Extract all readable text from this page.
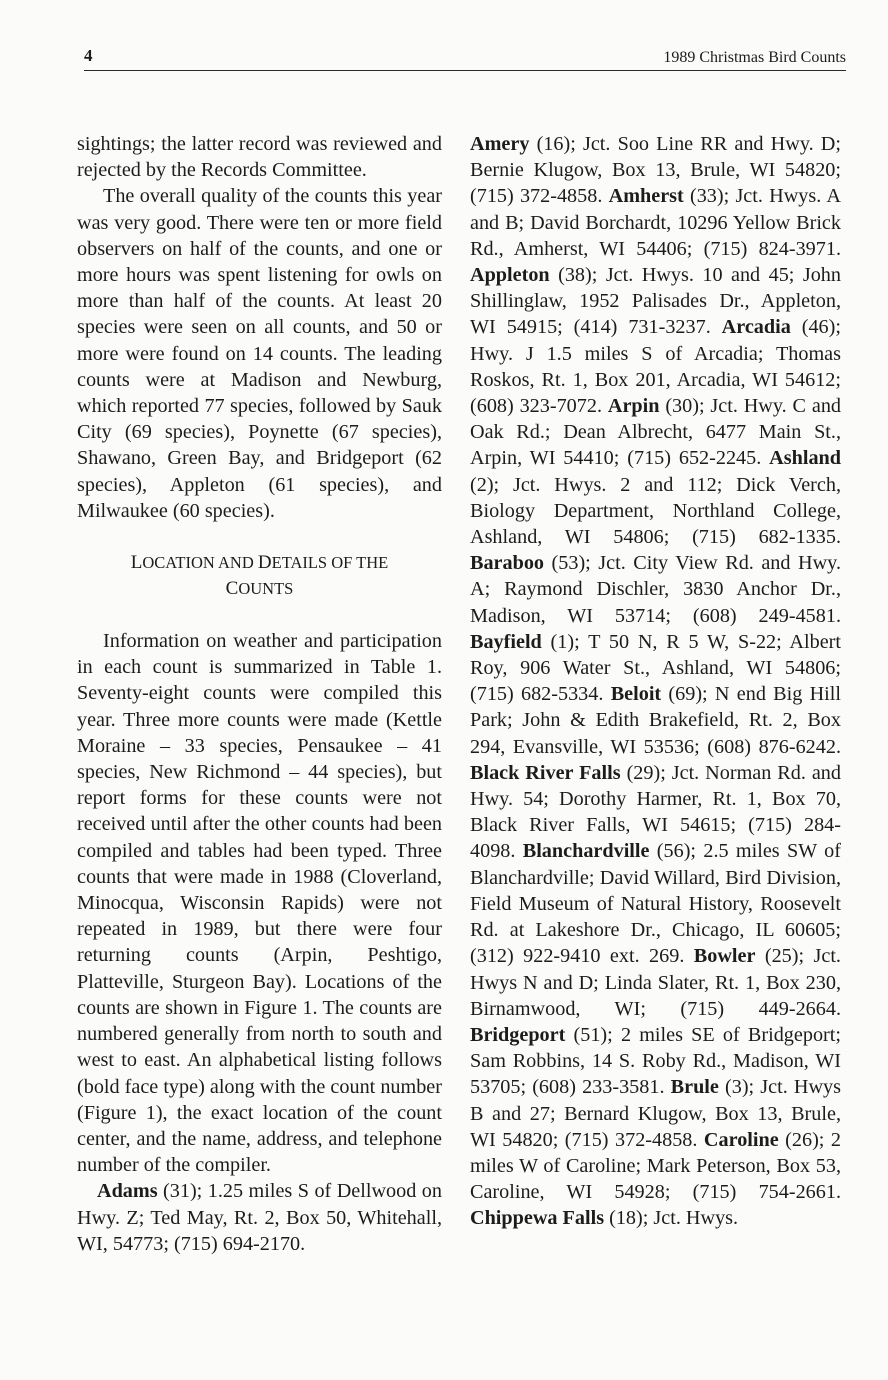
4	1989 Christmas Bird Counts

sightings; the latter record was reviewed and rejected by the Records Committee.

The overall quality of the counts this year was very good. There were ten or more field observers on half of the counts, and one or more hours was spent listening for owls on more than half of the counts. At least 20 species were seen on all counts, and 50 or more were found on 14 counts. The leading counts were at Madison and Newburg, which reported 77 species, followed by Sauk City (69 species), Poynette (67 species), Shawano, Green Bay, and Bridgeport (62 species), Appleton (61 species), and Milwaukee (60 species).

LOCATION AND DETAILS OF THE
COUNTS

Information on weather and participation in each count is summarized in Table 1. Seventy-eight counts were compiled this year. Three more counts were made (Kettle Moraine – 33 species, Pensaukee – 41 species, New Richmond – 44 species), but report forms for these counts were not received until after the other counts had been compiled and tables had been typed. Three counts that were made in 1988 (Cloverland, Minocqua, Wisconsin Rapids) were not repeated in 1989, but there were four returning counts (Arpin, Peshtigo, Platteville, Sturgeon Bay). Locations of the counts are shown in Figure 1. The counts are numbered generally from north to south and west to east. An alphabetical listing follows (bold face type) along with the count number (Figure 1), the exact location of the count center, and the name, address, and telephone number of the compiler.

Adams (31); 1.25 miles S of Dellwood on Hwy. Z; Ted May, Rt. 2, Box 50, Whitehall, WI, 54773; (715) 694-2170.

Amery (16); Jct. Soo Line RR and Hwy. D; Bernie Klugow, Box 13, Brule, WI 54820; (715) 372-4858. Amherst (33); Jct. Hwys. A and B; David Borchardt, 10296 Yellow Brick Rd., Amherst, WI 54406; (715) 824-3971. Appleton (38); Jct. Hwys. 10 and 45; John Shillinglaw, 1952 Palisades Dr., Appleton, WI 54915; (414) 731-3237. Arcadia (46); Hwy. J 1.5 miles S of Arcadia; Thomas Roskos, Rt. 1, Box 201, Arcadia, WI 54612; (608) 323-7072. Arpin (30); Jct. Hwy. C and Oak Rd.; Dean Albrecht, 6477 Main St., Arpin, WI 54410; (715) 652-2245. Ashland (2); Jct. Hwys. 2 and 112; Dick Verch, Biology Department, Northland College, Ashland, WI 54806; (715) 682-1335. Baraboo (53); Jct. City View Rd. and Hwy. A; Raymond Dischler, 3830 Anchor Dr., Madison, WI 53714; (608) 249-4581. Bayfield (1); T 50 N, R 5 W, S-22; Albert Roy, 906 Water St., Ashland, WI 54806; (715) 682-5334. Beloit (69); N end Big Hill Park; John & Edith Brakefield, Rt. 2, Box 294, Evansville, WI 53536; (608) 876-6242. Black River Falls (29); Jct. Norman Rd. and Hwy. 54; Dorothy Harmer, Rt. 1, Box 70, Black River Falls, WI 54615; (715) 284-4098. Blanchardville (56); 2.5 miles SW of Blanchardville; David Willard, Bird Division, Field Museum of Natural History, Roosevelt Rd. at Lakeshore Dr., Chicago, IL 60605; (312) 922-9410 ext. 269. Bowler (25); Jct. Hwys N and D; Linda Slater, Rt. 1, Box 230, Birnamwood, WI; (715) 449-2664. Bridgeport (51); 2 miles SE of Bridgeport; Sam Robbins, 14 S. Roby Rd., Madison, WI 53705; (608) 233-3581. Brule (3); Jct. Hwys B and 27; Bernard Klugow, Box 13, Brule, WI 54820; (715) 372-4858. Caroline (26); 2 miles W of Caroline; Mark Peterson, Box 53, Caroline, WI 54928; (715) 754-2661. Chippewa Falls (18); Jct. Hwys.
